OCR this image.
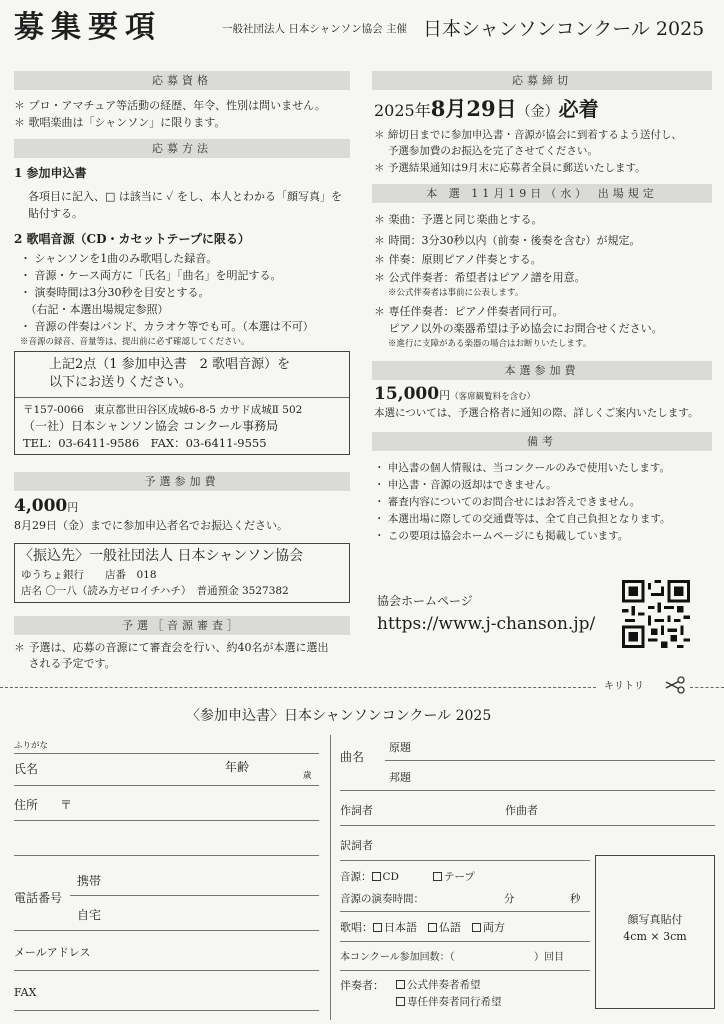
募集要項	一般社団法人 日本シャンソン協会 主催 日本シャンソンコンクール 2025
応募資格
＊ プロ・アマチュア等活動の経歴、年令、性別は問いません。
＊ 歌唱楽曲は「シャンソン」に限ります。
応募方法
1 参加申込書
各項目に記入、□ は該当に ✓ をし、本人とわかる「顔写真」を
貼付する。
2 歌唱音源（CD・カセットテープに限る）
・ シャンソンを1曲のみ歌唱した録音。
・ 音源・ケース両方に「氏名」「曲名」を明記する。
・ 演奏時間は3分30秒を目安とする。
　（右記・本選出場規定参照）
・ 音源の伴奏はバンド、カラオケ等でも可。（本選は不可）
※音源の録音、音量等は、提出前に必ず確認してください。
上記2点（1 参加申込書　2 歌唱音源）を
以下にお送りください。
〒157-0066　東京都世田谷区成城6-8-5 カサド成城Ⅱ 502
（一社）日本シャンソン協会 コンクール事務局
TEL：03-6411-9586　FAX：03-6411-9555
予選参加費
4,000円
8月29日（金）までに参加申込者名でお振込ください。
〈振込先〉一般社団法人 日本シャンソン協会
ゆうちょ銀行　　店番　018
店名 〇一八（読み方ゼロイチハチ）　普通預金 3527382
予選［音源審査］
＊ 予選は、応募の音源にて審査会を行い、約40名が本選に選出
　 される予定です。
応募締切
2025年8月29日（金）必着
＊ 締切日までに参加申込書・音源が協会に到着するよう送付し、
　 予選参加費のお振込を完了させてください。
＊ 予選結果通知は9月末に応募者全員に郵送いたします。
本 選 11月19日（水） 出場規定
＊ 楽曲：予選と同じ楽曲とする。
＊ 時間：3分30秒以内（前奏・後奏を含む）が規定。
＊ 伴奏：原則ピアノ伴奏とする。
＊ 公式伴奏者：希望者はピアノ譜を用意。
※公式伴奏者は事前に公表します。
＊ 専任伴奏者：ピアノ伴奏者同行可。
　 ピアノ以外の楽器希望は予め協会にお問合せください。
※進行に支障がある楽器の場合はお断りいたします。
本選参加費
15,000円（客席観覧料を含む）
本選については、予選合格者に通知の際、詳しくご案内いたします。
備考
・ 申込書の個人情報は、当コンクールのみで使用いたします。
・ 申込書・音源の返却はできません。
・ 審査内容についてのお問合せにはお答えできません。
・ 本選出場に際しての交通費等は、全て自己負担となります。
・ この要項は協会ホームページにも掲載しています。
協会ホームページ
https://www.j-chanson.jp/
キリトリ
〈参加申込書〉日本シャンソンコンクール 2025
ふりがな
氏名	年齢
歳
住所 〒
携帯
電話番号
自宅
メールアドレス
FAX
曲名
原題
邦題
作詞者	作曲者
訳詞者
音源： CD	テープ
音源の演奏時間：	分	秒
歌唱： 日本語　 仏語　 両方
本コンクール参加回数：（	）回目
伴奏者：	公式伴奏者希望
専任伴奏者同行希望
顔写真貼付
4cm × 3cm
